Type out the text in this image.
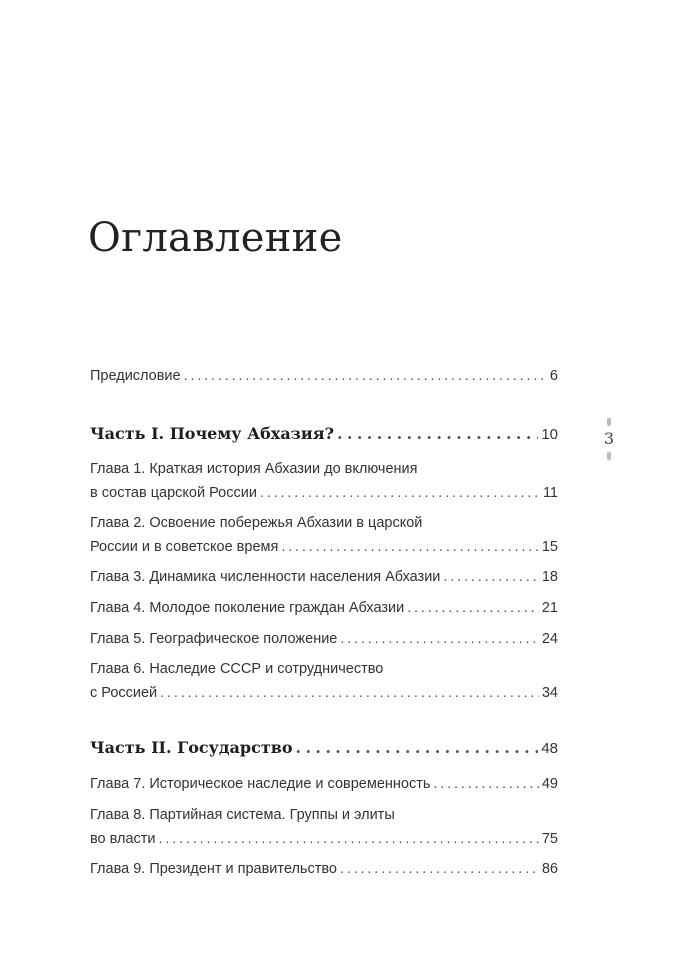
Оглавление
Предисловие . . .	6
Часть I. Почему Абхазия? . . .	10
Глава 1. Краткая история Абхазии до включения
в состав царской России . . .	11
Глава 2. Освоение побережья Абхазии в царской
России и в советское время . . .	15
Глава 3. Динамика численности населения Абхазии . . .	18
Глава 4. Молодое поколение граждан Абхазии . . .	21
Глава 5. Географическое положение . . .	24
Глава 6. Наследие СССР и сотрудничество
с Россией . . .	34
Часть II. Государство . . .	48
Глава 7. Историческое наследие и современность . . .	49
Глава 8. Партийная система. Группы и элиты
во власти . . .	75
Глава 9. Президент и правительство . . .	86
3
